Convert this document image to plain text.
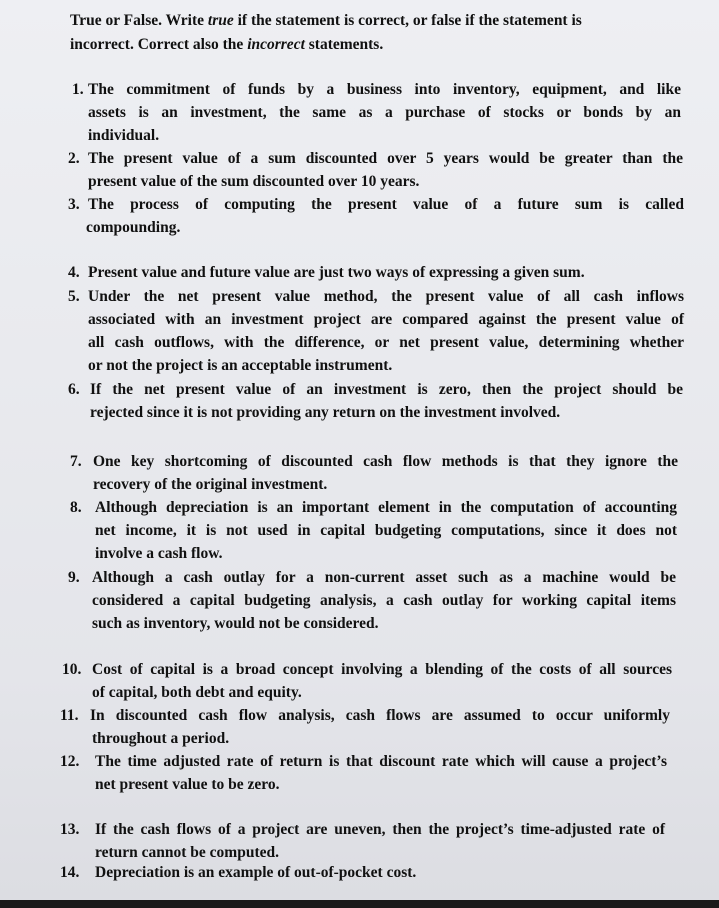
True or False. Write true if the statement is correct, or false if the statement is
incorrect. Correct also the incorrect statements.
1. The commitment of funds by a business into inventory, equipment, and like
assets is an investment, the same as a purchase of stocks or bonds by an
individual.
2. The present value of a sum discounted over 5 years would be greater than the
present value of the sum discounted over 10 years.
3. The process of computing the present value of a future sum is called
compounding.
4. Present value and future value are just two ways of expressing a given sum.
5. Under the net present value method, the present value of all cash inflows
associated with an investment project are compared against the present value of
all cash outflows, with the difference, or net present value, determining whether
or not the project is an acceptable instrument.
6. If the net present value of an investment is zero, then the project should be
rejected since it is not providing any return on the investment involved.
7. One key shortcoming of discounted cash flow methods is that they ignore the
recovery of the original investment.
8. Although depreciation is an important element in the computation of accounting
net income, it is not used in capital budgeting computations, since it does not
involve a cash flow.
9. Although a cash outlay for a non-current asset such as a machine would be
considered a capital budgeting analysis, a cash outlay for working capital items
such as inventory, would not be considered.
10. Cost of capital is a broad concept involving a blending of the costs of all sources
of capital, both debt and equity.
11. In discounted cash flow analysis, cash flows are assumed to occur uniformly
throughout a period.
12. The time adjusted rate of return is that discount rate which will cause a project’s
net present value to be zero.
13. If the cash flows of a project are uneven, then the project’s time-adjusted rate of
return cannot be computed.
14. Depreciation is an example of out-of-pocket cost.
